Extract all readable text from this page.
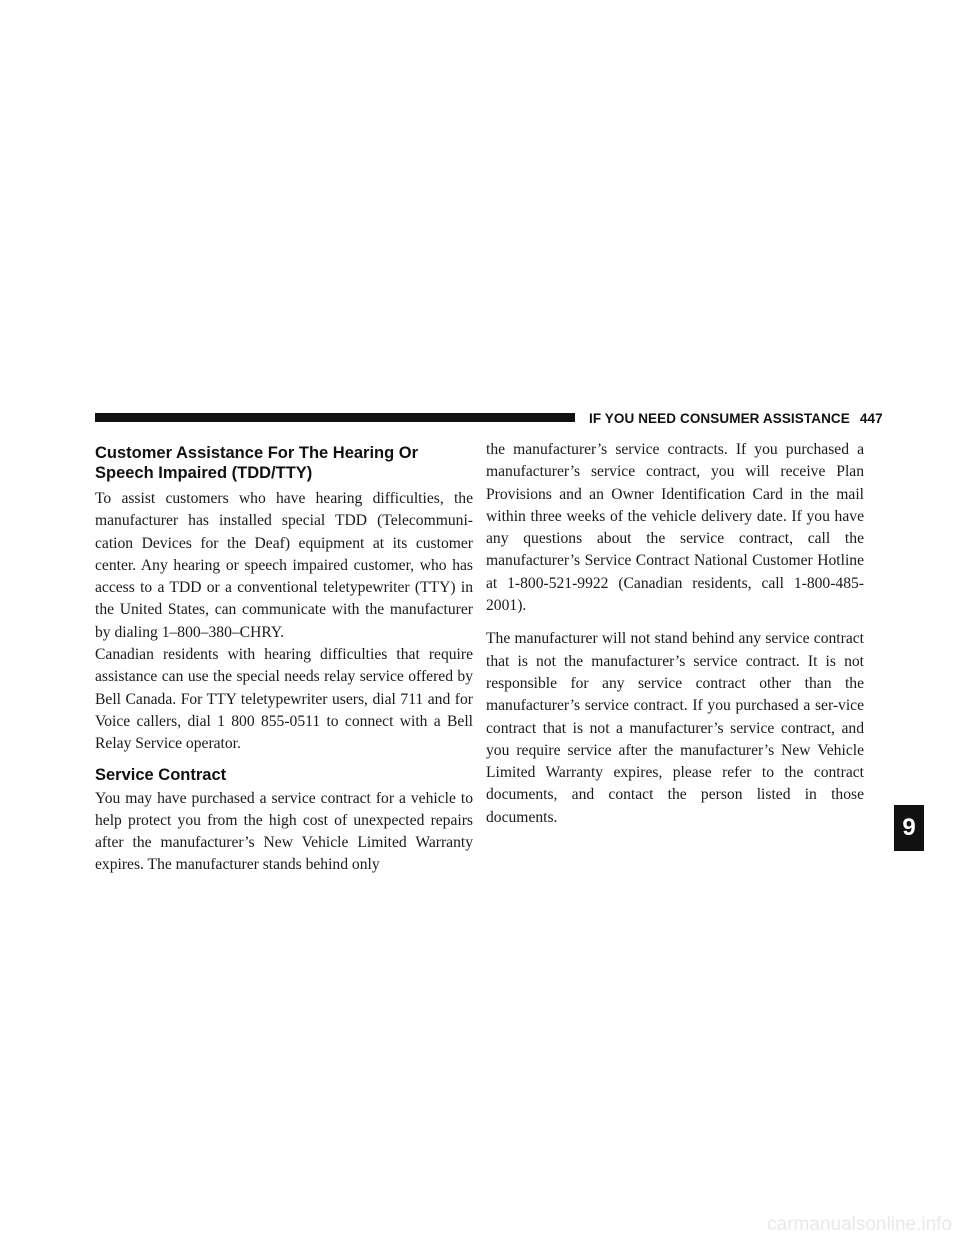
IF YOU NEED CONSUMER ASSISTANCE 447
Customer Assistance For The Hearing Or Speech Impaired (TDD/TTY)

To assist customers who have hearing difficulties, the manufacturer has installed special TDD (Telecommuni-cation Devices for the Deaf) equipment at its customer center. Any hearing or speech impaired customer, who has access to a TDD or a conventional teletypewriter (TTY) in the United States, can communicate with the manufacturer by dialing 1–800–380–CHRY.

Canadian residents with hearing difficulties that require assistance can use the special needs relay service offered by Bell Canada. For TTY teletypewriter users, dial 711 and for Voice callers, dial 1 800 855-0511 to connect with a Bell Relay Service operator.

Service Contract

You may have purchased a service contract for a vehicle to help protect you from the high cost of unexpected repairs after the manufacturer’s New Vehicle Limited Warranty expires. The manufacturer stands behind only

the manufacturer’s service contracts. If you purchased a manufacturer’s service contract, you will receive Plan Provisions and an Owner Identification Card in the mail within three weeks of the vehicle delivery date. If you have any questions about the service contract, call the manufacturer’s Service Contract National Customer Hotline at 1-800-521-9922 (Canadian residents, call 1-800-485-2001).

The manufacturer will not stand behind any service contract that is not the manufacturer’s service contract. It is not responsible for any service contract other than the manufacturer’s service contract. If you purchased a ser-vice contract that is not a manufacturer’s service contract, and you require service after the manufacturer’s New Vehicle Limited Warranty expires, please refer to the contract documents, and contact the person listed in those documents.	9
carmanualsonline.info
